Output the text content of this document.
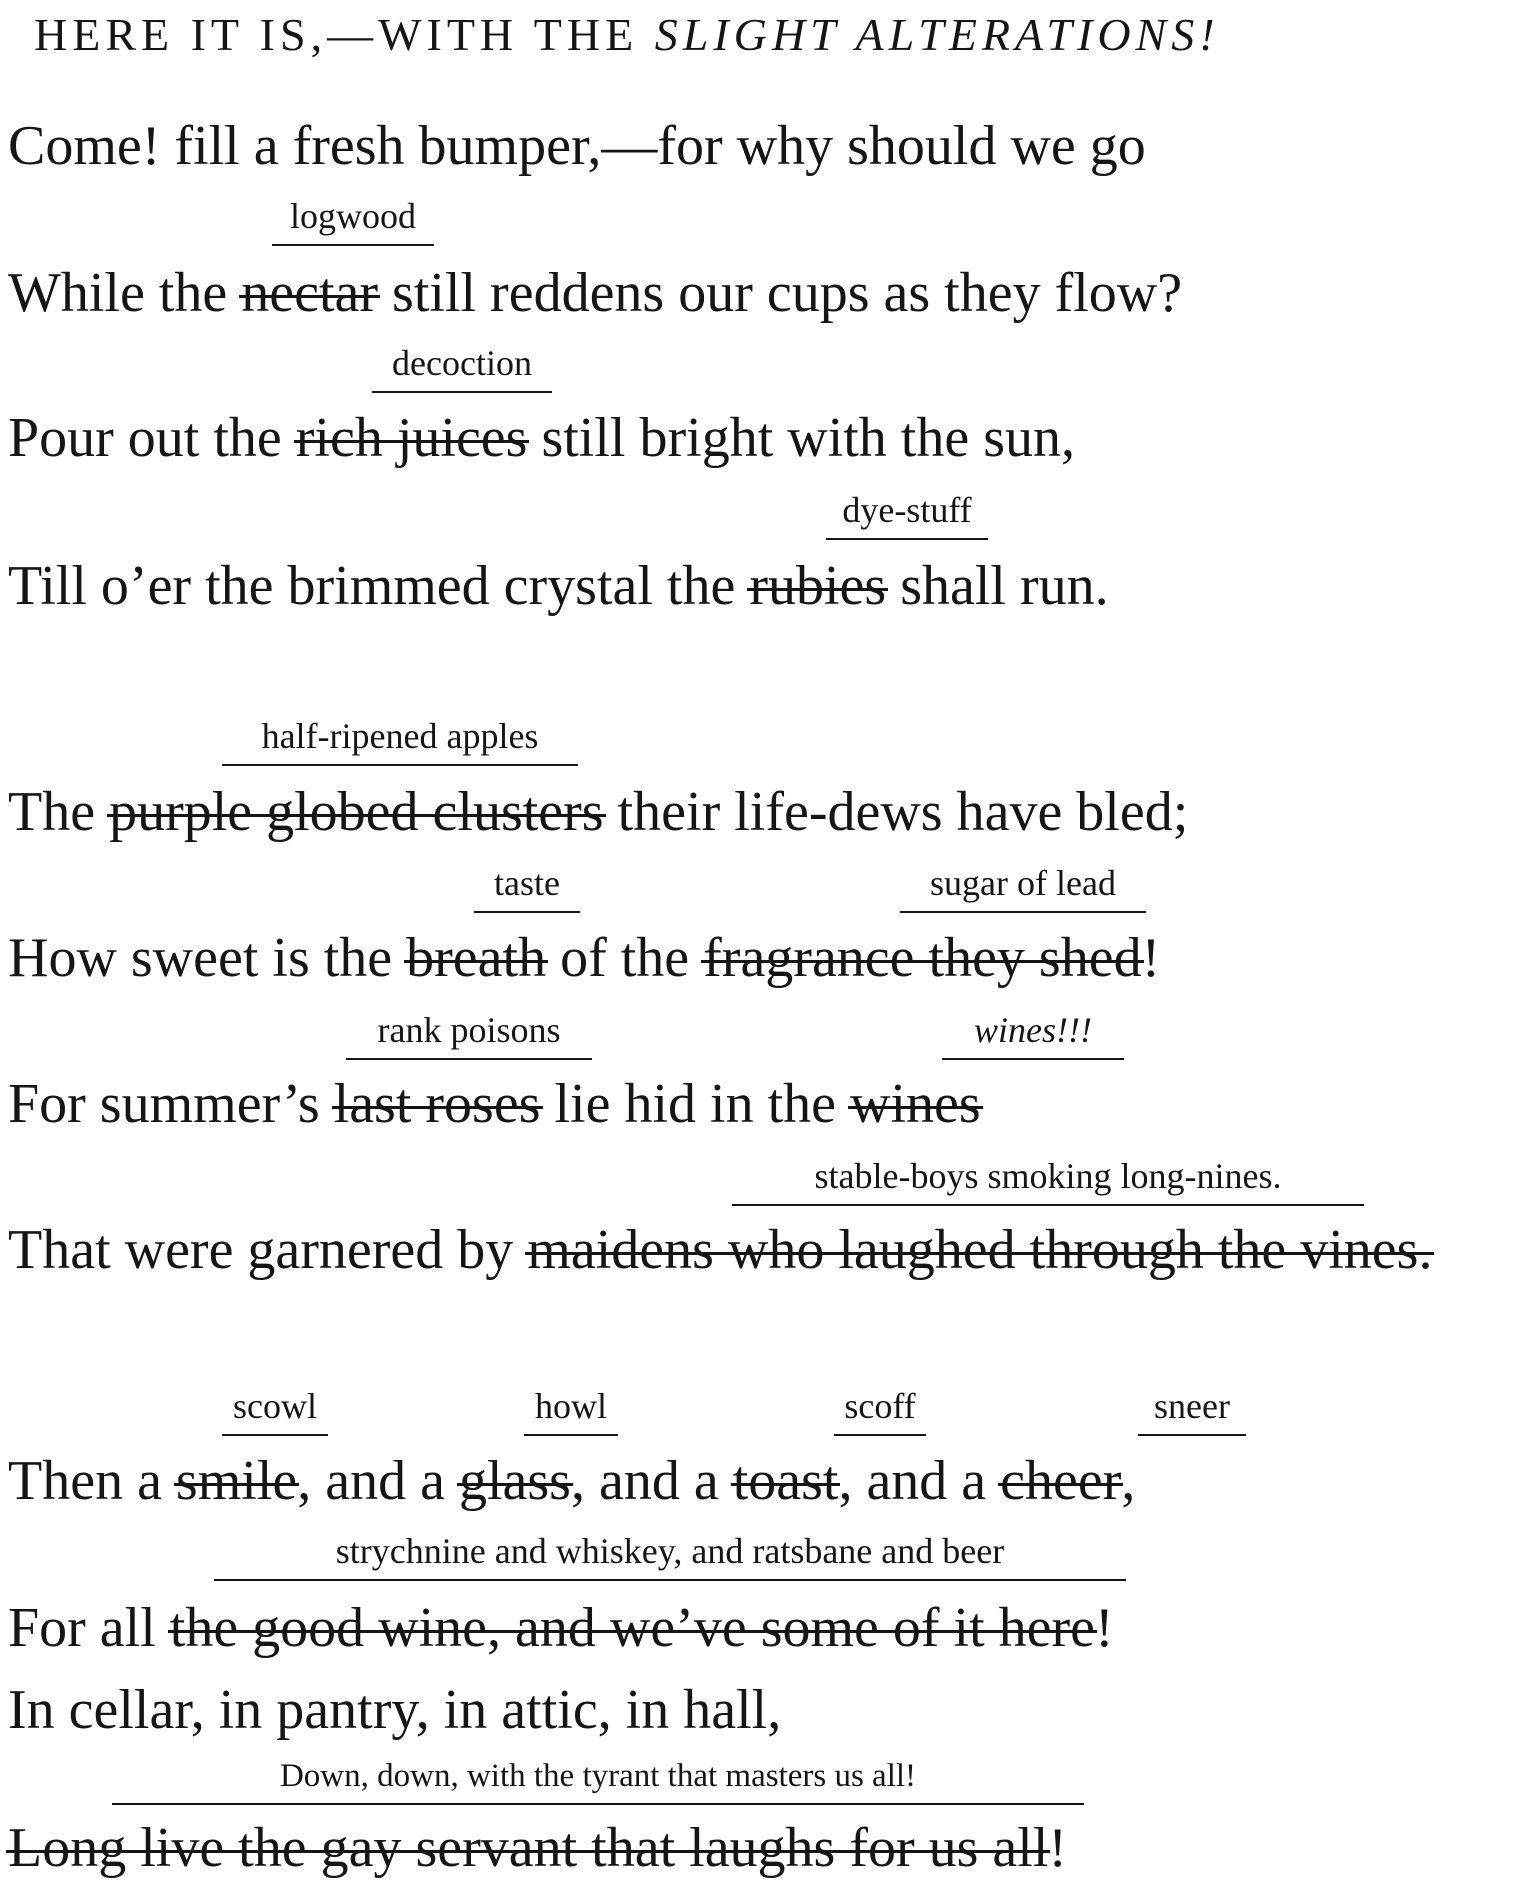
HERE IT IS,—WITH THE SLIGHT ALTERATIONS!
Come! fill a fresh bumper,—for why should we go
logwood
While the nectar still reddens our cups as they flow?
decoction
Pour out the rich juices still bright with the sun,
dye-stuff
Till o’er the brimmed crystal the rubies shall run.
half-ripened apples
The purple globed clusters their life-dews have bled;
taste	sugar of lead
How sweet is the breath of the fragrance they shed!
rank poisons	wines!!!
For summer’s last roses lie hid in the wines
stable-boys smoking long-nines.
That were garnered by maidens who laughed through the vines.
scowl	howl	scoff	sneer
Then a smile, and a glass, and a toast, and a cheer,
strychnine and whiskey, and ratsbane and beer
For all the good wine, and we’ve some of it here!
In cellar, in pantry, in attic, in hall,
Down, down, with the tyrant that masters us all!
Long live the gay servant that laughs for us all!
